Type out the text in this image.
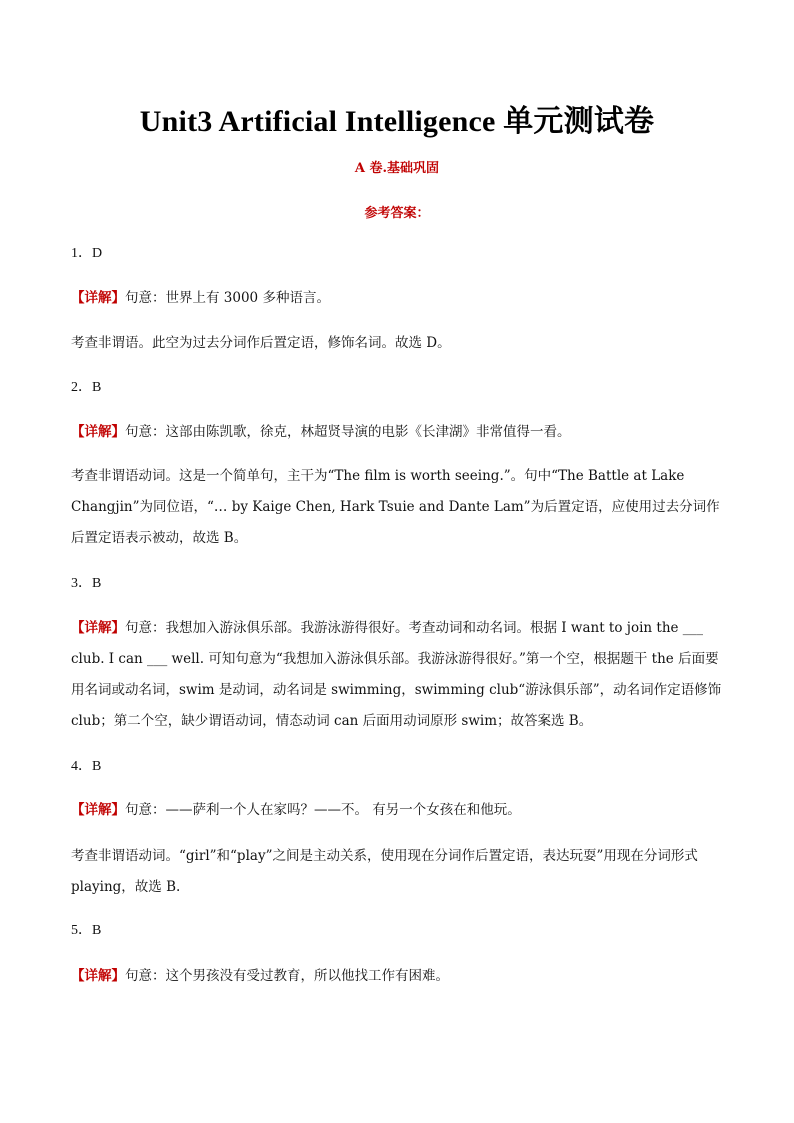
Unit3 Artificial Intelligence 单元测试卷
A 卷.基础巩固
参考答案：
1．D
【详解】句意：世界上有 3000 多种语言。
考查非谓语。此空为过去分词作后置定语，修饰名词。故选 D。
2．B
【详解】句意：这部由陈凯歌，徐克，林超贤导演的电影《长津湖》非常值得一看。
考查非谓语动词。这是一个简单句，主干为“The film is worth seeing.”。句中“The Battle at Lake Changjin”为同位语，“… by Kaige Chen, Hark Tsuie and Dante Lam”为后置定语，应使用过去分词作后置定语表示被动，故选 B。
3．B
【详解】句意：我想加入游泳俱乐部。我游泳游得很好。考查动词和动名词。根据 I want to join the ___ club. I can ___ well. 可知句意为“我想加入游泳俱乐部。我游泳游得很好。”第一个空，根据题干 the 后面要用名词或动名词，swim 是动词，动名词是 swimming，swimming club“游泳俱乐部”，动名词作定语修饰 club；第二个空，缺少谓语动词，情态动词 can 后面用动词原形 swim；故答案选 B。
4．B
【详解】句意：——萨利一个人在家吗？——不。 有另一个女孩在和他玩。
考查非谓语动词。“girl”和“play”之间是主动关系，使用现在分词作后置定语，表达玩耍”用现在分词形式 playing，故选 B.
5．B
【详解】句意：这个男孩没有受过教育，所以他找工作有困难。
